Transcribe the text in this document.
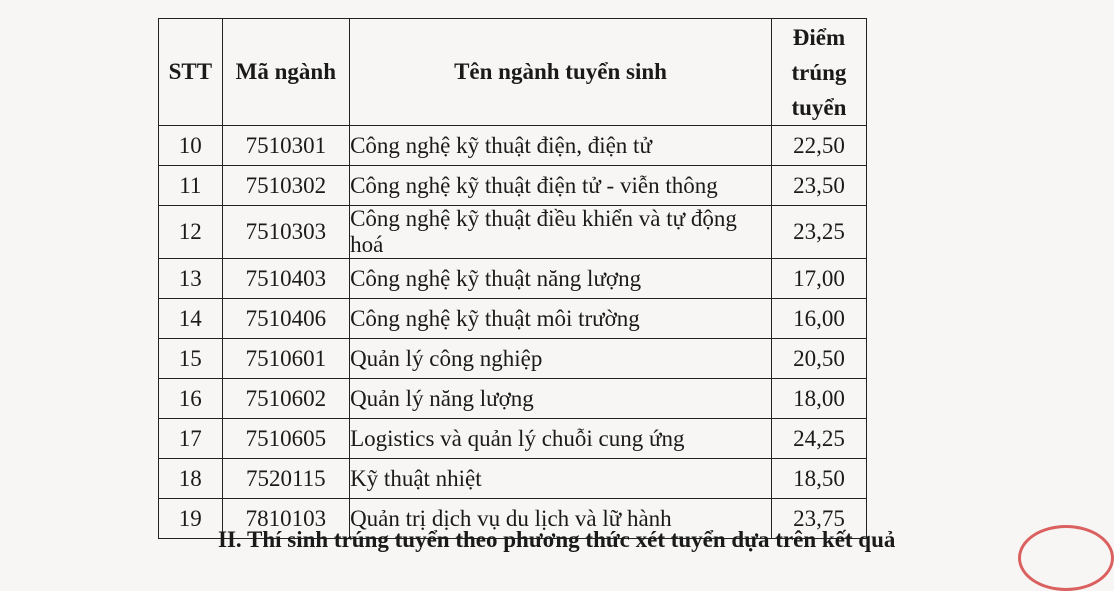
STT	Mã ngành	Tên ngành tuyển sinh	Điểm
trúng
tuyển

10	7510301	Công nghệ kỹ thuật điện, điện tử	22,50
11	7510302	Công nghệ kỹ thuật điện tử - viễn thông	23,50
12	7510303	Công nghệ kỹ thuật điều khiển và tự động hoá	23,25
13	7510403	Công nghệ kỹ thuật năng lượng	17,00
14	7510406	Công nghệ kỹ thuật môi trường	16,00
15	7510601	Quản lý công nghiệp	20,50
16	7510602	Quản lý năng lượng	18,00
17	7510605	Logistics và quản lý chuỗi cung ứng	24,25
18	7520115	Kỹ thuật nhiệt	18,50
19	7810103	Quản trị dịch vụ du lịch và lữ hành	23,75
II. Thí sinh trúng tuyển theo phương thức xét tuyển dựa trên kết quả
